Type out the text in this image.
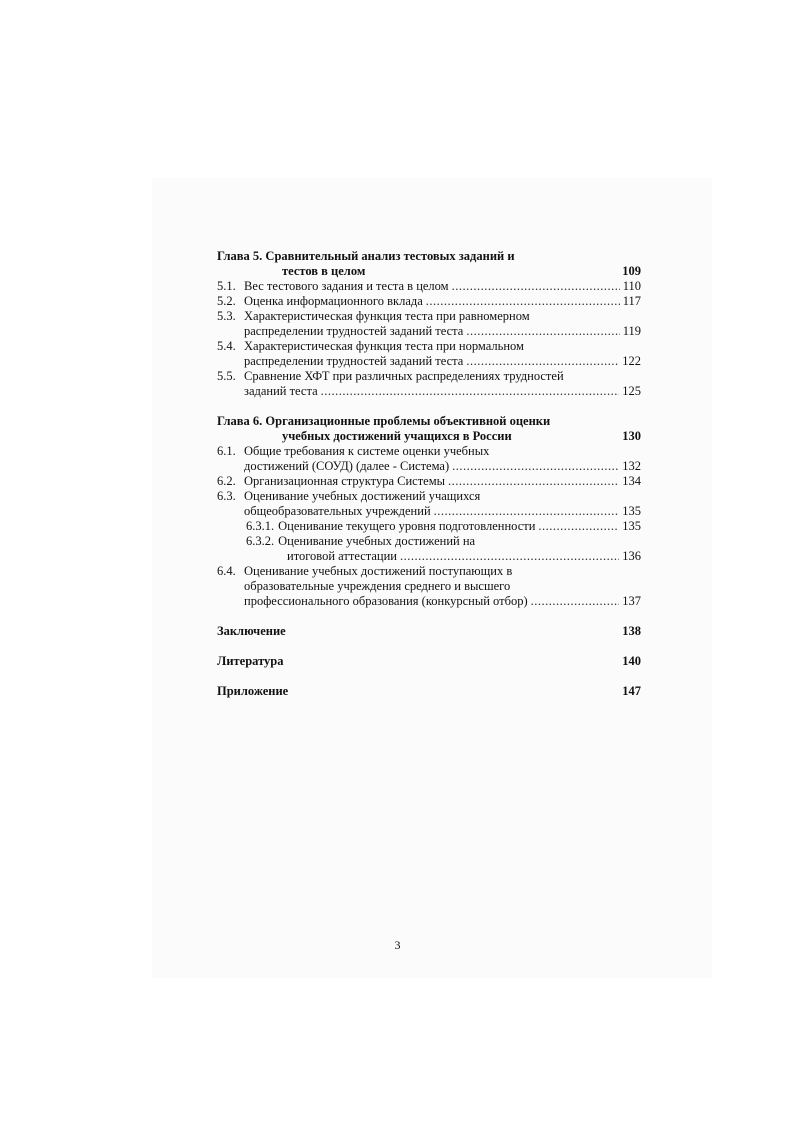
Глава 5. Сравнительный анализ тестовых заданий и
тестов в целом	109
5.1. Вес тестового задания и теста в целом .....	110
5.2. Оценка информационного вклада .....	117
5.3. Характеристическая функция теста при равномерном
распределении трудностей заданий теста .....	119
5.4. Характеристическая функция теста при нормальном
распределении трудностей заданий теста .....	122
5.5. Сравнение ХФТ при различных распределениях трудностей
заданий теста .....	125
Глава 6. Организационные проблемы объективной оценки
учебных достижений учащихся в России	130
6.1. Общие требования к системе оценки учебных
достижений (СОУД) (далее - Система) .....	132
6.2. Организационная структура Системы .....	134
6.3. Оценивание учебных достижений учащихся
общеобразовательных учреждений .....	135
6.3.1. Оценивание текущего уровня подготовленности .....	135
6.3.2. Оценивание учебных достижений на
итоговой аттестации .....	136
6.4. Оценивание учебных достижений поступающих в
образовательные учреждения среднего и высшего
профессионального образования (конкурсный отбор) .....	137
Заключение	138
Литература	140
Приложение	147
3
